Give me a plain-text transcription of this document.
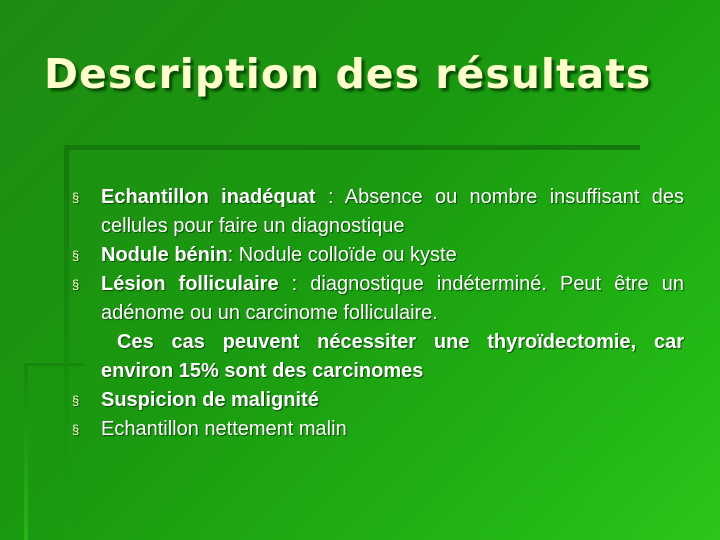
Description des résultats
§ Echantillon inadéquat : Absence ou nombre insuffisant des cellules pour faire un diagnostique
§ Nodule bénin: Nodule colloïde ou kyste
§ Lésion folliculaire : diagnostique indéterminé. Peut être un adénome ou un carcinome folliculaire.
Ces cas peuvent nécessiter une thyroïdectomie, car environ 15% sont des carcinomes
§ Suspicion de malignité
§ Echantillon nettement malin
